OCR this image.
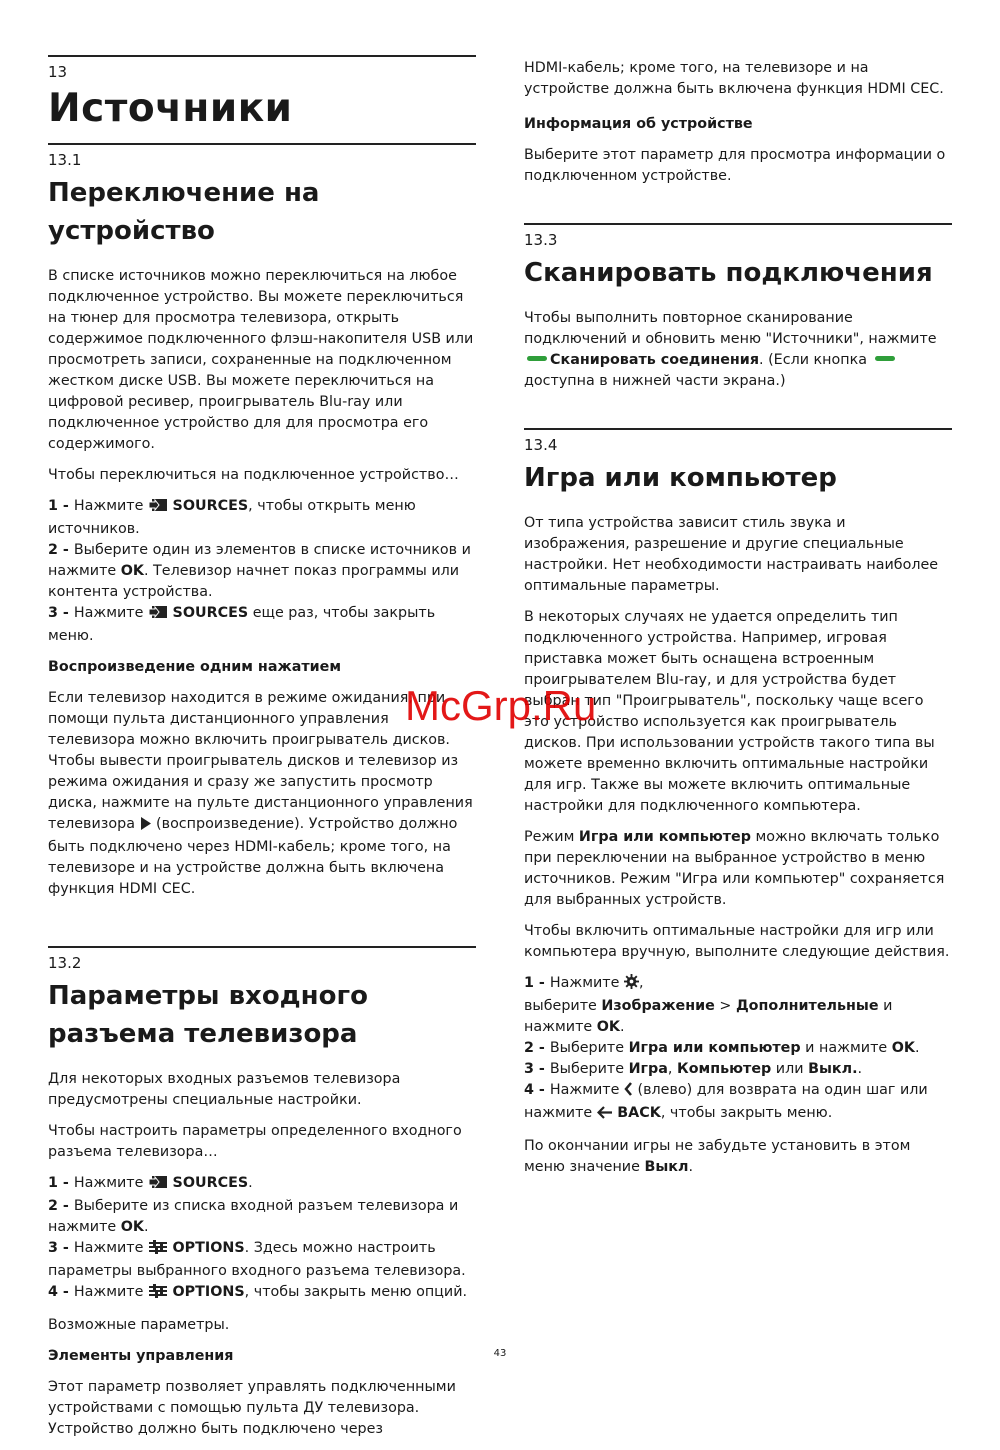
13
Источники
13.1
Переключение на устройство

В списке источников можно переключиться на любое подключенное устройство. Вы можете переключиться на тюнер для просмотра телевизора, открыть содержимое подключенного флэш-накопителя USB или просмотреть записи, сохраненные на подключенном жестком диске USB. Вы можете переключиться на цифровой ресивер, проигрыватель Blu-ray или подключенное устройство для для просмотра его содержимого.

Чтобы переключиться на подключенное устройство…

1 - Нажмите  SOURCES, чтобы открыть меню источников.

2 - Выберите один из элементов в списке источников и нажмите OK. Телевизор начнет показ программы или контента устройства.

3 - Нажмите  SOURCES еще раз, чтобы закрыть меню.

Воспроизведение одним нажатием

Если телевизор находится в режиме ожидания, при помощи пульта дистанционного управления телевизора можно включить проигрыватель дисков.

Чтобы вывести проигрыватель дисков и телевизор из режима ожидания и сразу же запустить просмотр диска, нажмите на пульте дистанционного управления телевизора  (воспроизведение). Устройство должно быть подключено через HDMI-кабель; кроме того, на телевизоре и на устройстве должна быть включена функция HDMI CEC.

13.2
Параметры входного разъема телевизора

Для некоторых входных разъемов телевизора предусмотрены специальные настройки.

Чтобы настроить параметры определенного входного разъема телевизора…

1 - Нажмите  SOURCES.

2 - Выберите из списка входной разъем телевизора и нажмите OK.

3 - Нажмите  OPTIONS. Здесь можно настроить параметры выбранного входного разъема телевизора.

4 - Нажмите  OPTIONS, чтобы закрыть меню опций.

Возможные параметры.

Элементы управления

Этот параметр позволяет управлять подключенными устройствами с помощью пульта ДУ телевизора. Устройство должно быть подключено через

HDMI-кабель; кроме того, на телевизоре и на устройстве должна быть включена функция HDMI CEC.

Информация об устройстве

Выберите этот параметр для просмотра информации о подключенном устройстве.

13.3
Сканировать подключения

Чтобы выполнить повторное сканирование подключений и обновить меню "Источники", нажмите Сканировать соединения. (Если кнопка  доступна в нижней части экрана.)

13.4
Игра или компьютер

От типа устройства зависит стиль звука и изображения, разрешение и другие специальные настройки. Нет необходимости настраивать наиболее оптимальные параметры.

В некоторых случаях не удается определить тип подключенного устройства. Например, игровая приставка может быть оснащена встроенным проигрывателем Blu-ray, и для устройства будет выбран тип "Проигрыватель", поскольку чаще всего это устройство используется как проигрыватель дисков. При использовании устройств такого типа вы можете временно включить оптимальные настройки для игр. Также вы можете включить оптимальные настройки для подключенного компьютера.

Режим Игра или компьютер можно включать только при переключении на выбранное устройство в меню источников. Режим "Игра или компьютер" сохраняется для выбранных устройств.

Чтобы включить оптимальные настройки для игр или компьютера вручную, выполните следующие действия.

1 - Нажмите ,
выберите Изображение > Дополнительные и нажмите OK.

2 - Выберите Игра или компьютер и нажмите OK.

3 - Выберите Игра, Компьютер или Выкл..

4 - Нажмите  (влево) для возврата на один шаг или нажмите  BACK, чтобы закрыть меню.

По окончании игры не забудьте установить в этом меню значение Выкл.

McGrp.Ru
43
